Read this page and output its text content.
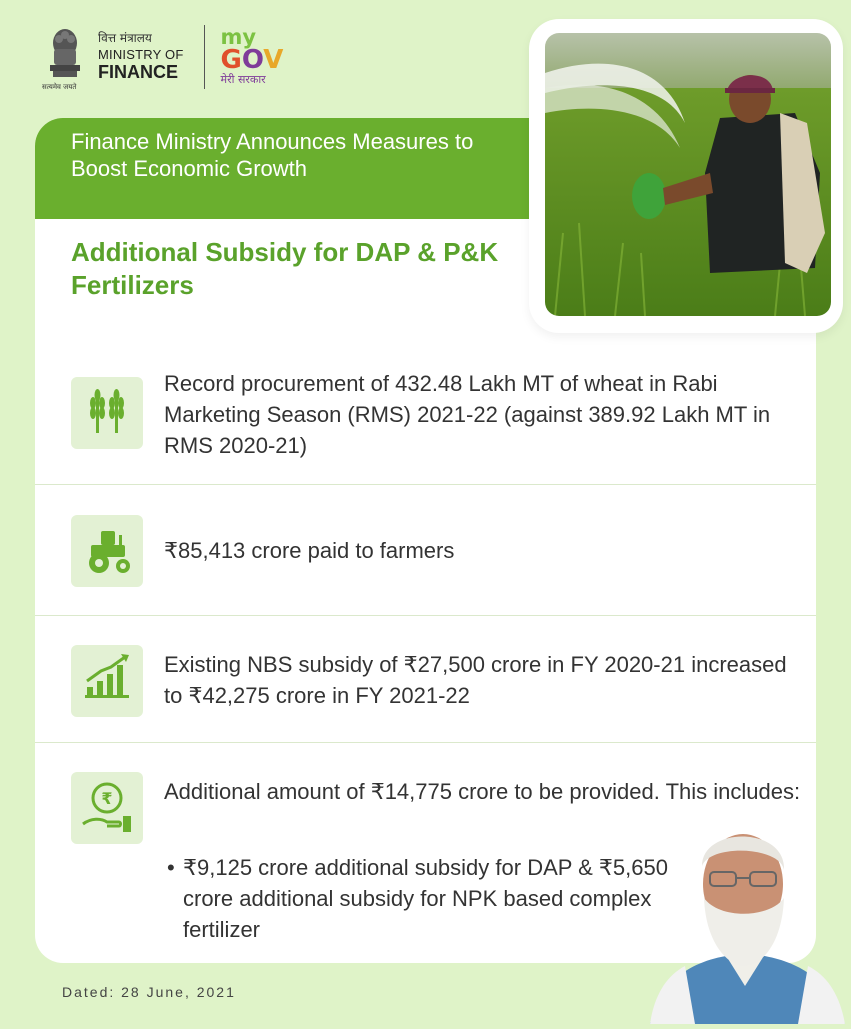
सत्यमेव जयते
वित्त मंत्रालय
MINISTRY OF
FINANCE
my
GOV
मेरी सरकार
Finance Ministry Announces Measures to Boost Economic Growth
Additional Subsidy for DAP & P&K Fertilizers
Record procurement of 432.48 Lakh MT of wheat in Rabi Marketing Season (RMS) 2021-22 (against 389.92 Lakh MT in RMS 2020-21)
₹85,413 crore paid to farmers
Existing NBS subsidy of ₹27,500 crore in FY 2020-21 increased to ₹42,275 crore in FY 2021-22
₹ Additional amount of ₹14,775 crore to be provided. This includes:
• ₹9,125 crore additional subsidy for DAP & ₹5,650 crore additional subsidy for NPK based complex fertilizer
Dated: 28 June, 2021
